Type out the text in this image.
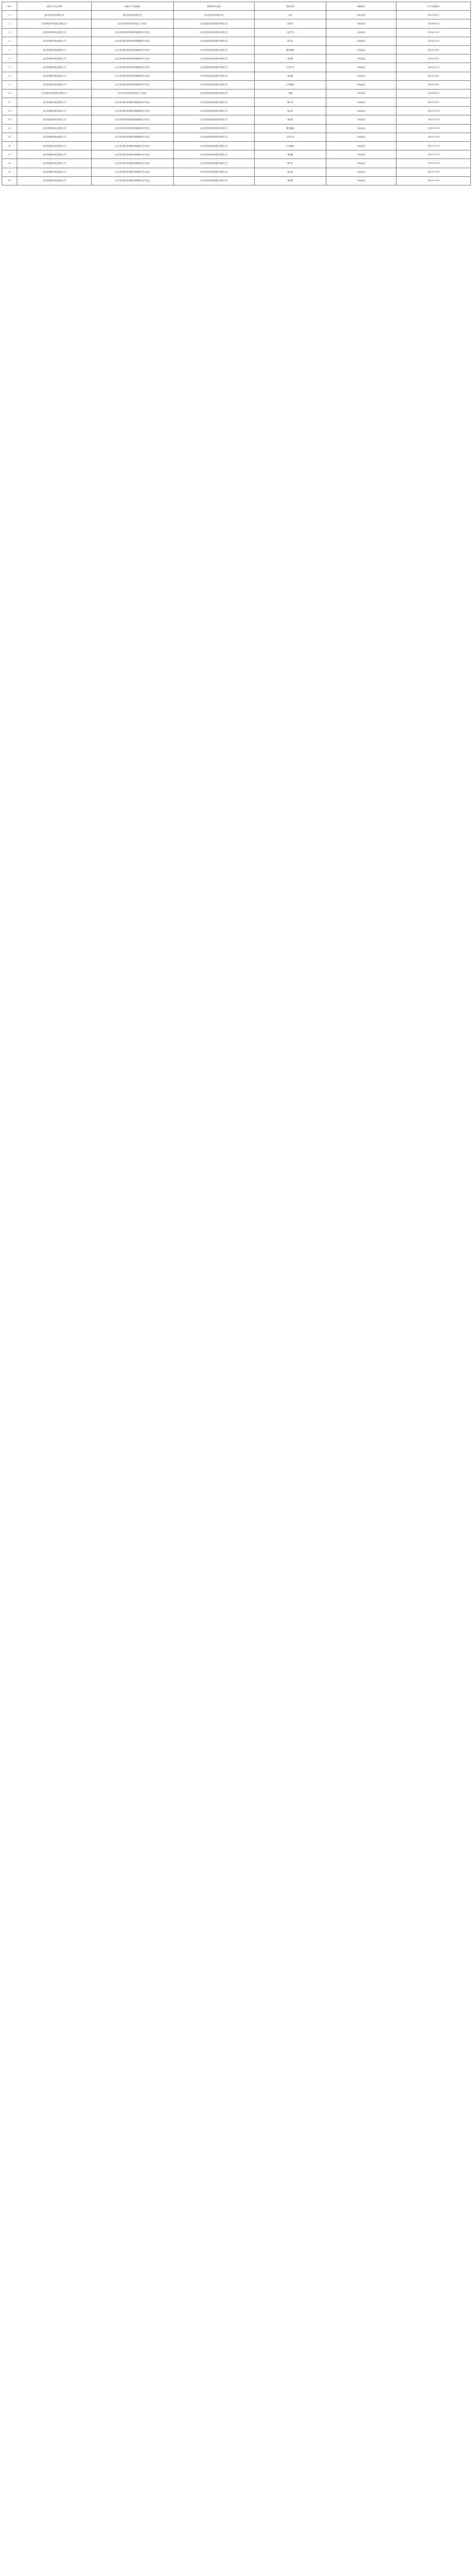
序号	标称生产企业名称	标称生产企业地址	被抽样单位名称	食品名称	规格型号	生产日期/批号
1	重庆宜家食品有限公司	重庆宜家食品有限公司	北京宜家家居有限公司	鸡块	300克/袋	2019-05-27
2	北京尊良家鸡禽食品有限公司	北京市怀柔区杨宋镇龙志工业园区	北京物美商业集团股份有限公司	鸡翅中	500g/袋	2019-06-14
3	北京美滋源肉制品有限公司	北京市怀柔区桥梓镇怀柔雁栖经济开发区	北京物美商业集团股份有限公司	五香牛肉	200g/袋	2019-07-01
4	北京美滋源肉制品有限公司	北京市怀柔区桥梓镇怀柔雁栖经济开发区	北京物美商业集团股份有限公司	猪头肉	180g/袋	2019-07-02
5	北京美滋源肉制品有限公司	北京市怀柔区桥梓镇怀柔雁栖经济开发区	北京物美商业集团股份有限公司	酱香猪蹄	350g/袋	2019-07-01
6	北京美滋源肉制品有限公司	北京市怀柔区桥梓镇怀柔雁栖经济开发区	北京物美商业集团股份有限公司	熏鸡架	200g/袋	2019-07-01
7	北京美滋源肉制品有限公司	北京市怀柔区桥梓镇怀柔雁栖经济开发区	北京物美商业集团股份有限公司	五香牛肉	200g/袋	2019-07-02
8	北京美滋源肉制品有限公司	北京市怀柔区桥梓镇怀柔雁栖经济开发区	北京物美商业集团股份有限公司	熏鸡腿	150g/袋	2019-07-01
9	北京美滋源肉制品有限公司	北京市怀柔区桥梓镇怀柔雁栖经济开发区	北京物美商业集团股份有限公司	白切猪肚	260g/袋	2019-07-01
10	北京尊良家鸡禽食品有限公司	北京市怀柔区杨宋镇龙志工业园区	北京物美商业集团股份有限公司	鸡腿	500g/袋	2019-06-14
11	北京美滋源肉制品有限公司	北京市怀柔区桥梓镇怀柔雁栖经济开发区	北京物美商业集团股份有限公司	酱牛肉	200g/袋	2019-07-01
12	北京美滋源肉制品有限公司	北京市怀柔区桥梓镇怀柔雁栖经济开发区	北京物美商业集团股份有限公司	猪头肉	180g/袋	2019-07-03
13	北京美滋源肉制品有限公司	北京市怀柔区桥梓镇怀柔雁栖经济开发区	北京物美商业集团股份有限公司	熏鸡架	200g/袋	2019-07-03
14	北京美滋源肉制品有限公司	北京市怀柔区桥梓镇怀柔雁栖经济开发区	北京物美商业集团股份有限公司	酱香猪蹄	350g/袋	2019-07-03
15	北京美滋源肉制品有限公司	北京市怀柔区桥梓镇怀柔雁栖经济开发区	北京物美商业集团股份有限公司	五香牛肉	200g/袋	2019-07-03
16	北京美滋源肉制品有限公司	北京市怀柔区桥梓镇怀柔雁栖经济开发区	北京物美商业集团股份有限公司	白切猪肚	260g/袋	2019-07-03
17	北京美滋源肉制品有限公司	北京市怀柔区桥梓镇怀柔雁栖经济开发区	北京物美商业集团股份有限公司	熏鸡腿	150g/袋	2019-07-03
18	北京美滋源肉制品有限公司	北京市怀柔区桥梓镇怀柔雁栖经济开发区	北京物美商业集团股份有限公司	酱牛肉	200g/袋	2019-07-03
19	北京美滋源肉制品有限公司	北京市怀柔区桥梓镇怀柔雁栖经济开发区	北京物美商业集团股份有限公司	猪头肉	180g/袋	2019-07-04
20	北京美滋源肉制品有限公司	北京市怀柔区桥梓镇怀柔雁栖经济开发区	北京物美商业集团股份有限公司	熏鸡架	200g/袋	2019-07-04
